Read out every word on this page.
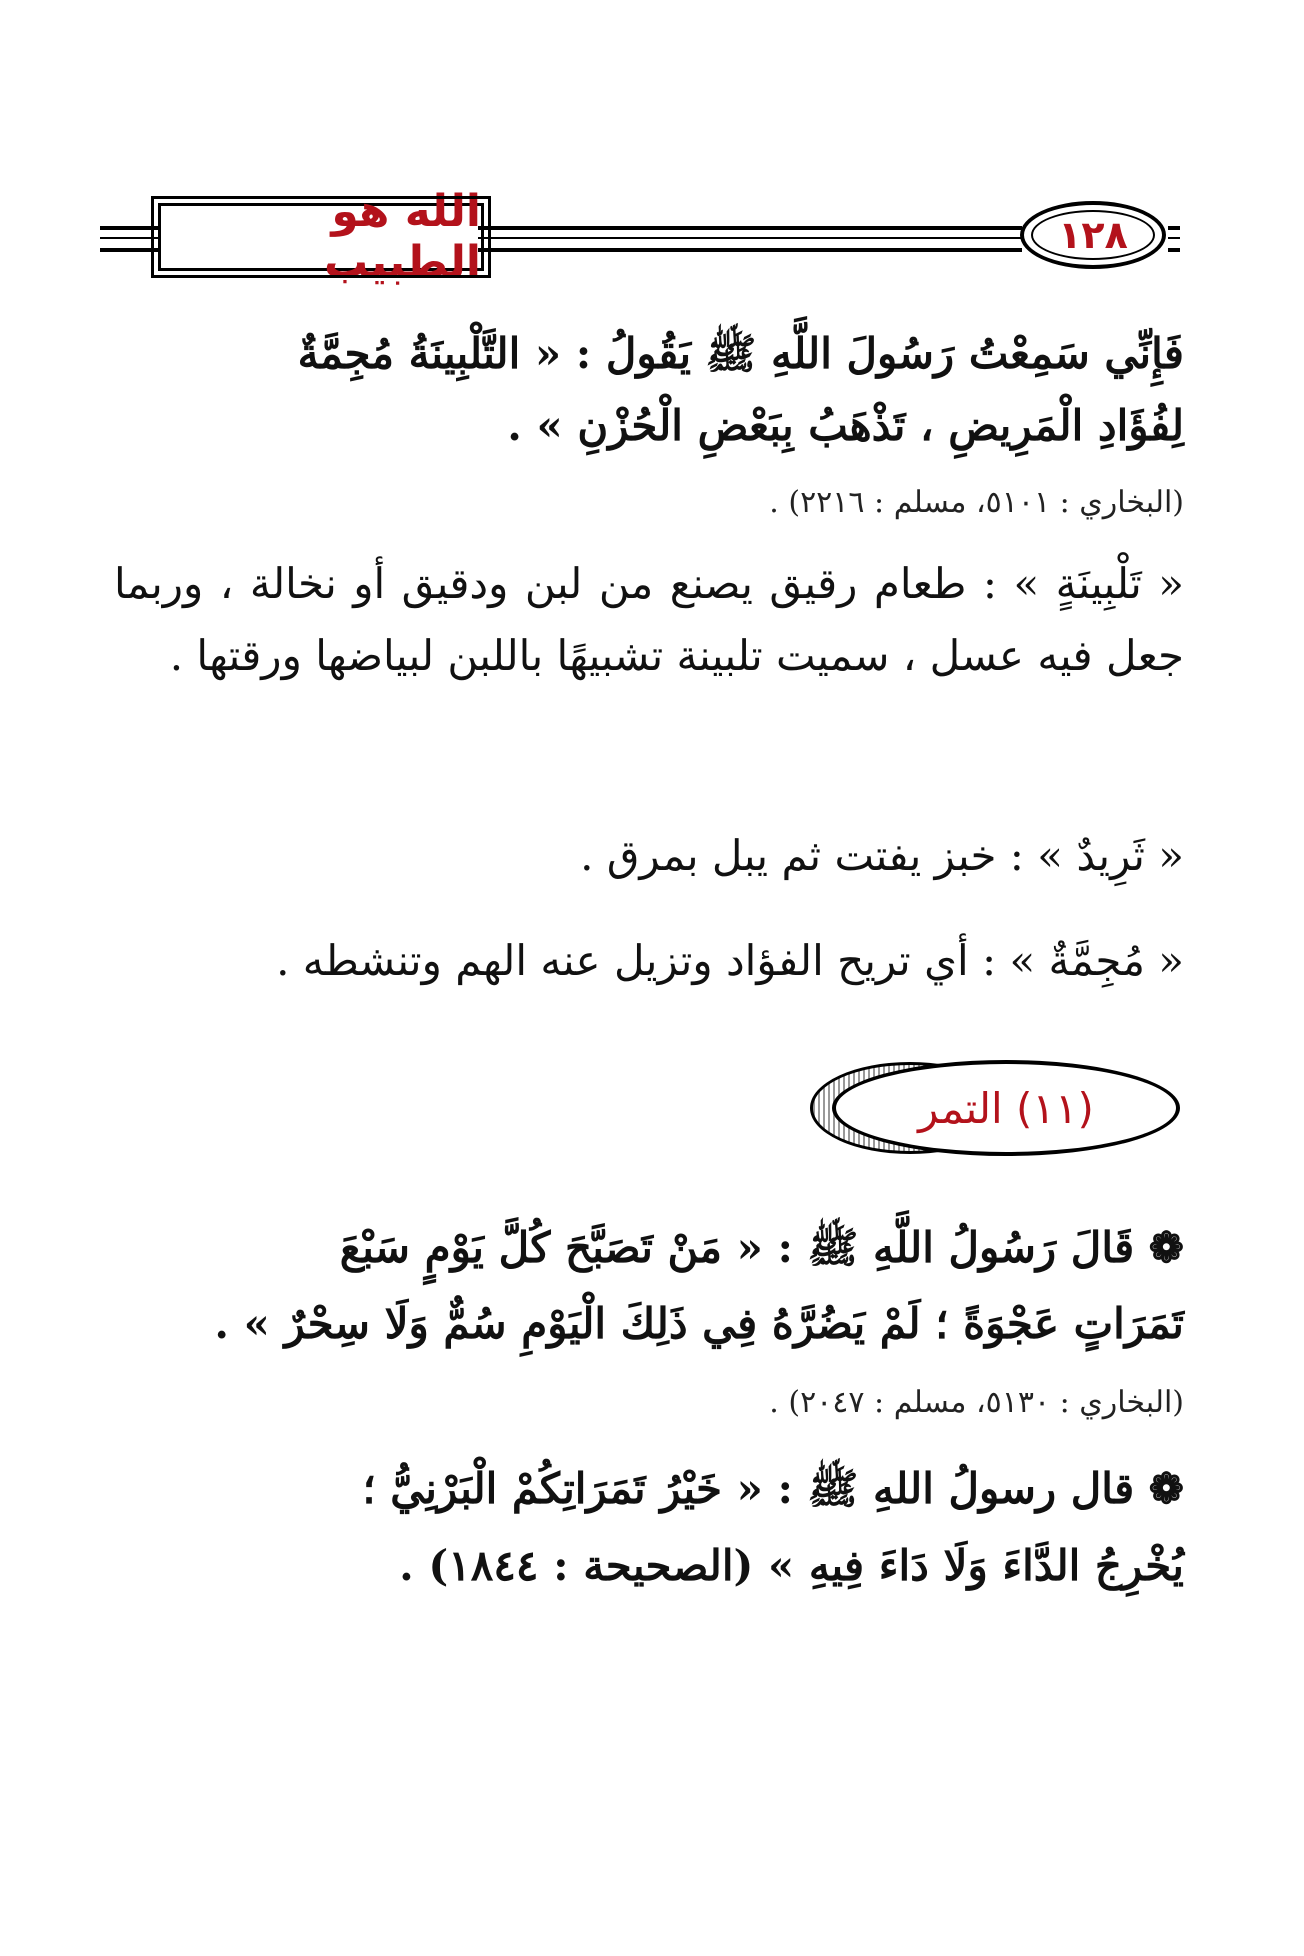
الله هو الطبيب
١٢٨
فَإِنِّي سَمِعْتُ رَسُولَ اللَّهِ ﷺ يَقُولُ : « التَّلْبِينَةُ مُجِمَّةٌ
لِفُؤَادِ الْمَرِيضِ ، تَذْهَبُ بِبَعْضِ الْحُزْنِ » .
(البخاري : ٥١٠١، مسلم : ٢٢١٦) .
« تَلْبِينَةٍ » : طعام رقيق يصنع من لبن ودقيق أو نخالة ، وربما جعل فيه عسل ، سميت تلبينة تشبيهًا باللبن لبياضها ورقتها .
« ثَرِيدٌ » : خبز يفتت ثم يبل بمرق .
« مُجِمَّةٌ » : أي تريح الفؤاد وتزيل عنه الهم وتنشطه .
(١١) التمر
❁ قَالَ رَسُولُ اللَّهِ ﷺ : « مَنْ تَصَبَّحَ كُلَّ يَوْمٍ سَبْعَ
تَمَرَاتٍ عَجْوَةً ؛ لَمْ يَضُرَّهُ فِي ذَلِكَ الْيَوْمِ سُمٌّ وَلَا سِحْرٌ » .
(البخاري : ٥١٣٠، مسلم : ٢٠٤٧) .
❁ قال رسولُ اللهِ ﷺ : « خَيْرُ تَمَرَاتِكُمْ الْبَرْنِيُّ ؛
يُخْرِجُ الدَّاءَ وَلَا دَاءَ فِيهِ » (الصحيحة : ١٨٤٤) .
